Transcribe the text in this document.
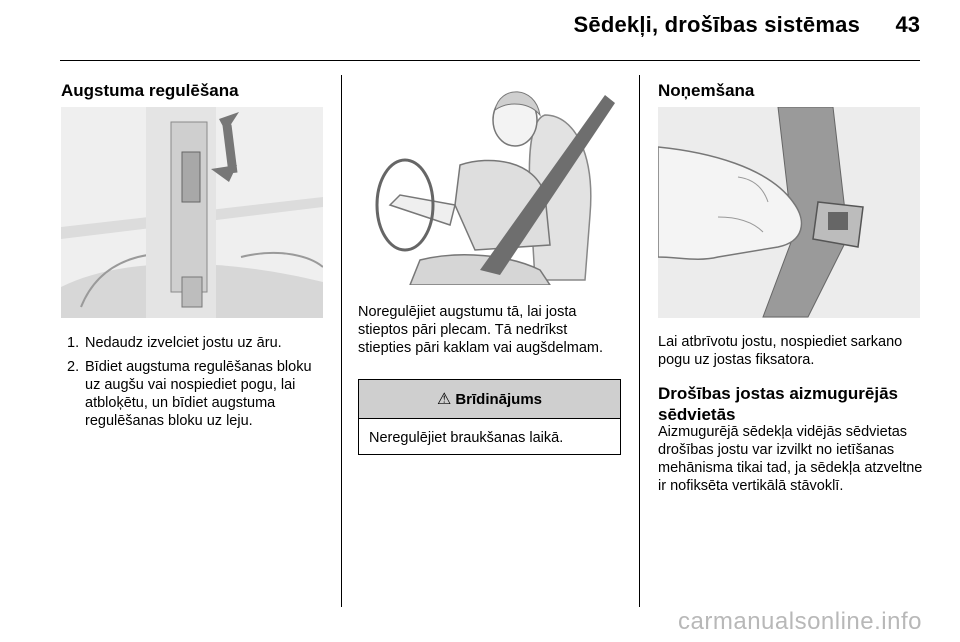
Sēdekļi, drošības sistēmas 43
Augstuma regulēšana
1. Nedaudz izvelciet jostu uz āru.
2. Bīdiet augstuma regulēšanas bloku uz augšu vai nospiediet pogu, lai atbloķētu, un bīdiet augstuma regulēšanas bloku uz leju.
Noregulējiet augstumu tā, lai josta stieptos pāri plecam. Tā nedrīkst stiepties pāri kaklam vai augšdelmam.
⚠ Brīdinājums
Neregulējiet braukšanas laikā.
Noņemšana
Lai atbrīvotu jostu, nospiediet sarkano pogu uz jostas fiksatora.
Drošības jostas aizmugurējās sēdvietās
Aizmugurējā sēdekļa vidējās sēdvietas drošības jostu var izvilkt no ietīšanas mehānisma tikai tad, ja sēdekļa atzveltne ir nofiksēta vertikālā stāvoklī.
carmanualsonline.info
